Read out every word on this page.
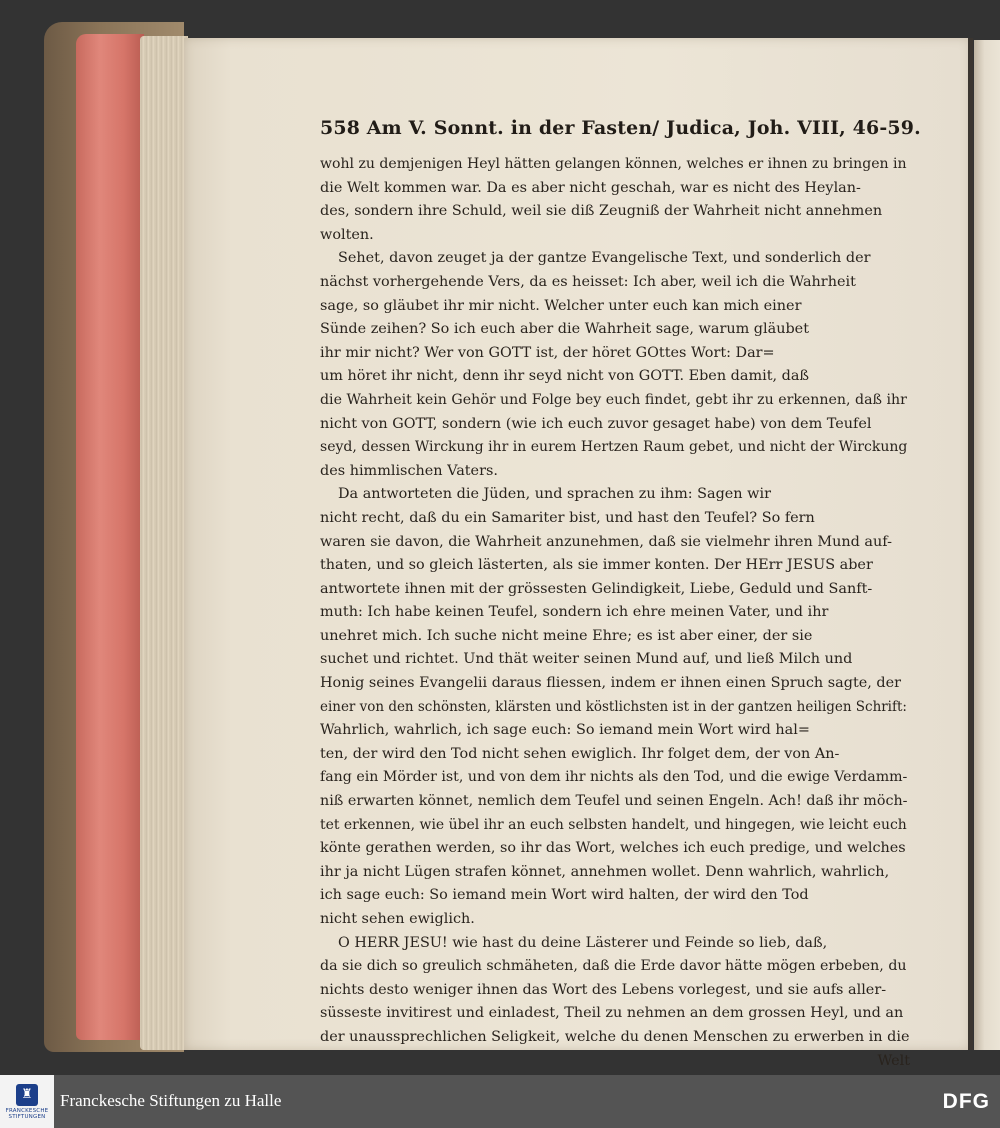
558 Am V. Sonnt. in der Fasten/ Judica, Joh. VIII, 46-59.
wohl zu demjenigen Heyl hätten gelangen können, welches er ihnen zu bringen in
die Welt kommen war. Da es aber nicht geschah, war es nicht des Heylan-
des, sondern ihre Schuld, weil sie diß Zeugniß der Wahrheit nicht annehmen
wolten.
Sehet, davon zeuget ja der gantze Evangelische Text, und sonderlich der
nächst vorhergehende Vers, da es heisset: Ich aber, weil ich die Wahrheit
sage, so gläubet ihr mir nicht. Welcher unter euch kan mich einer
Sünde zeihen? So ich euch aber die Wahrheit sage, warum gläubet
ihr mir nicht? Wer von GOTT ist, der höret GOttes Wort: Dar=
um höret ihr nicht, denn ihr seyd nicht von GOTT. Eben damit, daß
die Wahrheit kein Gehör und Folge bey euch findet, gebt ihr zu erkennen, daß ihr
nicht von GOTT, sondern (wie ich euch zuvor gesaget habe) von dem Teufel
seyd, dessen Wirckung ihr in eurem Hertzen Raum gebet, und nicht der Wirckung
des himmlischen Vaters.
Da antworteten die Jüden, und sprachen zu ihm: Sagen wir
nicht recht, daß du ein Samariter bist, und hast den Teufel? So fern
waren sie davon, die Wahrheit anzunehmen, daß sie vielmehr ihren Mund auf-
thaten, und so gleich lästerten, als sie immer konten. Der HErr JESUS aber
antwortete ihnen mit der grössesten Gelindigkeit, Liebe, Geduld und Sanft-
muth: Ich habe keinen Teufel, sondern ich ehre meinen Vater, und ihr
unehret mich. Ich suche nicht meine Ehre; es ist aber einer, der sie
suchet und richtet. Und thät weiter seinen Mund auf, und ließ Milch und
Honig seines Evangelii daraus fliessen, indem er ihnen einen Spruch sagte, der
einer von den schönsten, klärsten und köstlichsten ist in der gantzen heiligen Schrift:
Wahrlich, wahrlich, ich sage euch: So iemand mein Wort wird hal=
ten, der wird den Tod nicht sehen ewiglich. Ihr folget dem, der von An-
fang ein Mörder ist, und von dem ihr nichts als den Tod, und die ewige Verdamm-
niß erwarten könnet, nemlich dem Teufel und seinen Engeln. Ach! daß ihr möch-
tet erkennen, wie übel ihr an euch selbsten handelt, und hingegen, wie leicht euch
könte gerathen werden, so ihr das Wort, welches ich euch predige, und welches
ihr ja nicht Lügen strafen könnet, annehmen wollet. Denn wahrlich, wahrlich,
ich sage euch: So iemand mein Wort wird halten, der wird den Tod
nicht sehen ewiglich.
O HERR JESU! wie hast du deine Lästerer und Feinde so lieb, daß,
da sie dich so greulich schmäheten, daß die Erde davor hätte mögen erbeben, du
nichts desto weniger ihnen das Wort des Lebens vorlegest, und sie aufs aller-
süsseste invitirest und einladest, Theil zu nehmen an dem grossen Heyl, und an
der unaussprechlichen Seligkeit, welche du denen Menschen zu erwerben in die
Welt
♜
FRANCKESCHE STIFTUNGEN
Franckesche Stiftungen zu Halle	DFG
